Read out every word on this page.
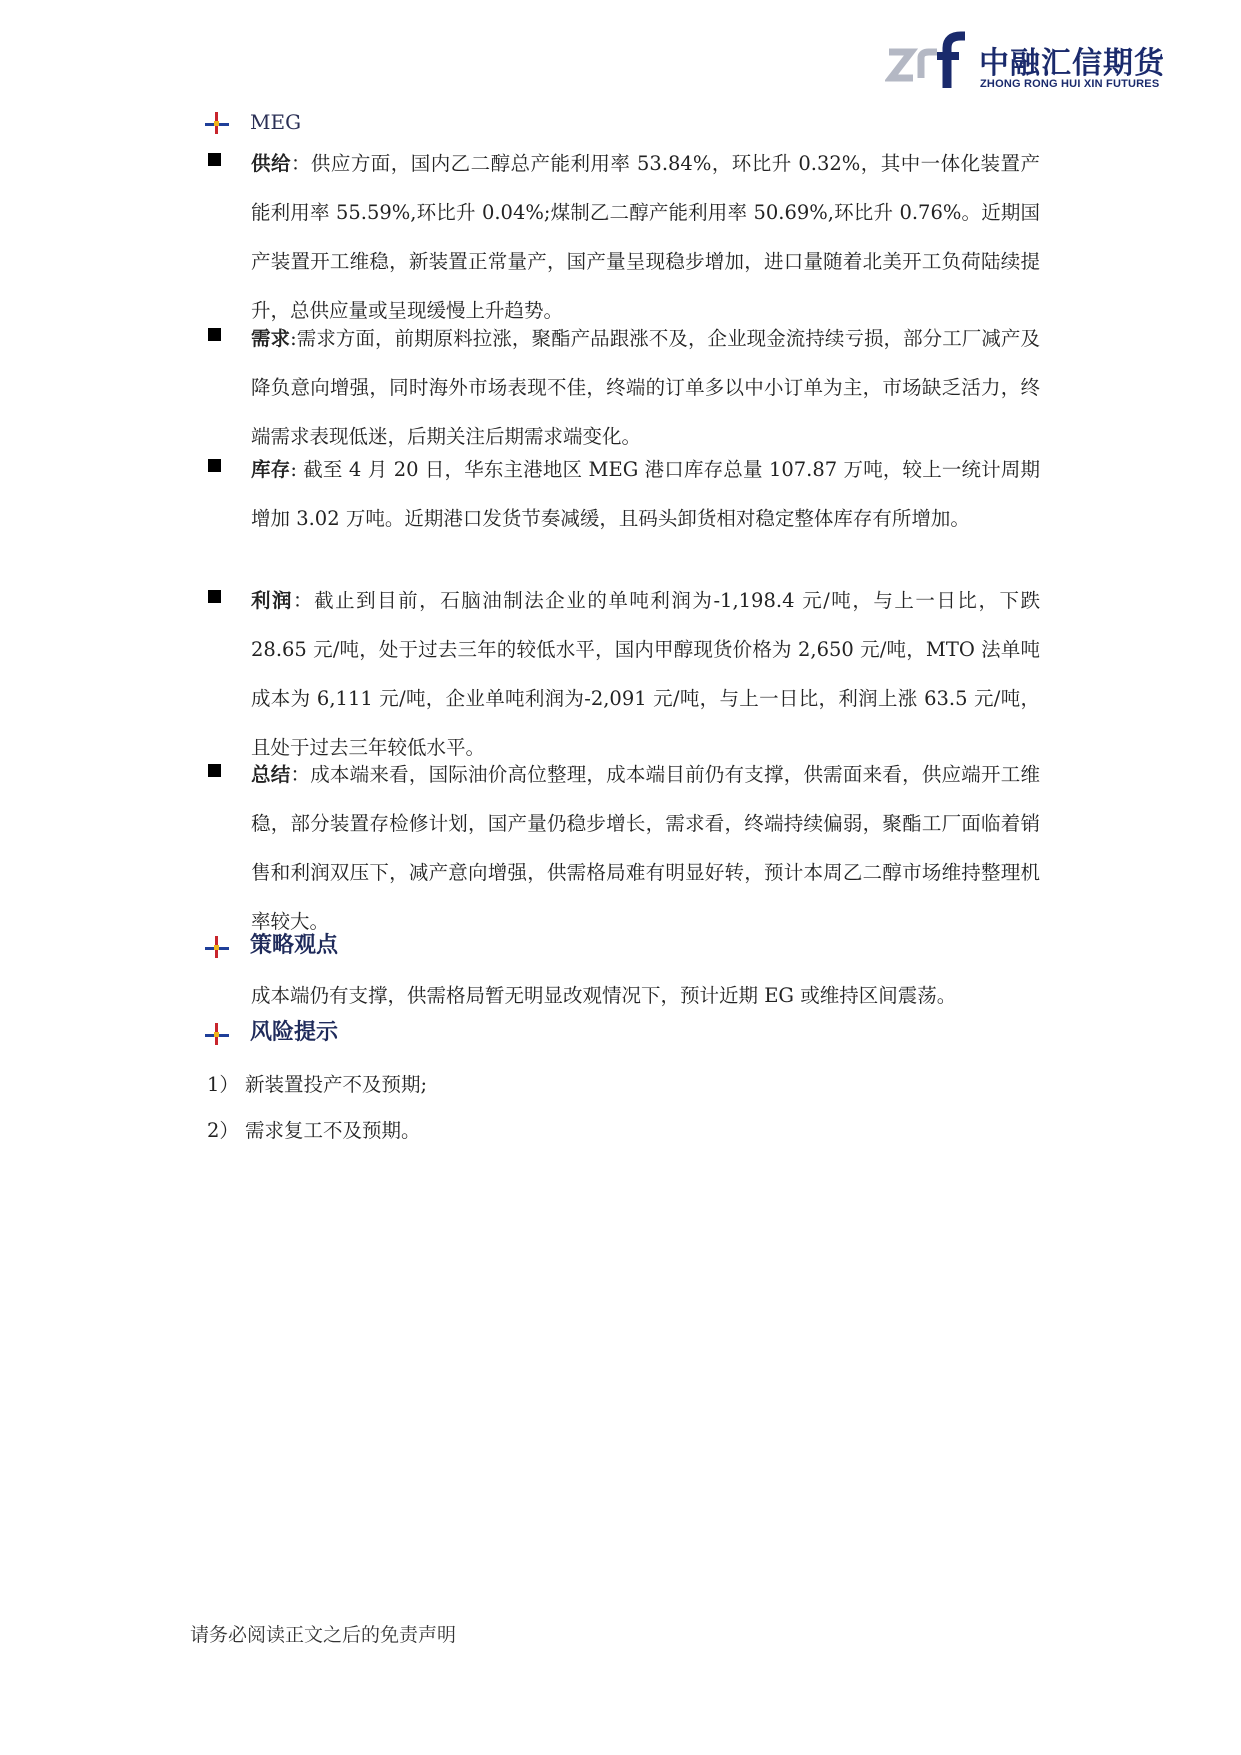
中融汇信期货
ZHONG RONG HUI XIN FUTURES
MEG
供给：供应方面，国内乙二醇总产能利用率 53.84%，环比升 0.32%，其中一体化装置产能利用率 55.59%,环比升 0.04%;煤制乙二醇产能利用率 50.69%,环比升 0.76%。近期国产装置开工维稳，新装置正常量产，国产量呈现稳步增加，进口量随着北美开工负荷陆续提升，总供应量或呈现缓慢上升趋势。
需求:需求方面，前期原料拉涨，聚酯产品跟涨不及，企业现金流持续亏损，部分工厂减产及降负意向增强，同时海外市场表现不佳，终端的订单多以中小订单为主，市场缺乏活力，终端需求表现低迷，后期关注后期需求端变化。
库存: 截至 4 月 20 日，华东主港地区 MEG 港口库存总量 107.87 万吨，较上一统计周期增加 3.02 万吨。近期港口发货节奏减缓，且码头卸货相对稳定整体库存有所增加。
利润：截止到目前，石脑油制法企业的单吨利润为-1,198.4 元/吨，与上一日比，下跌 28.65 元/吨，处于过去三年的较低水平，国内甲醇现货价格为 2,650 元/吨，MTO 法单吨成本为 6,111 元/吨，企业单吨利润为-2,091 元/吨，与上一日比，利润上涨 63.5 元/吨，且处于过去三年较低水平。
总结：成本端来看，国际油价高位整理，成本端目前仍有支撑，供需面来看，供应端开工维稳，部分装置存检修计划，国产量仍稳步增长，需求看，终端持续偏弱，聚酯工厂面临着销售和利润双压下，减产意向增强，供需格局难有明显好转，预计本周乙二醇市场维持整理机率较大。
策略观点
成本端仍有支撑，供需格局暂无明显改观情况下，预计近期 EG 或维持区间震荡。
风险提示
1） 新装置投产不及预期;
2） 需求复工不及预期。
请务必阅读正文之后的免责声明
